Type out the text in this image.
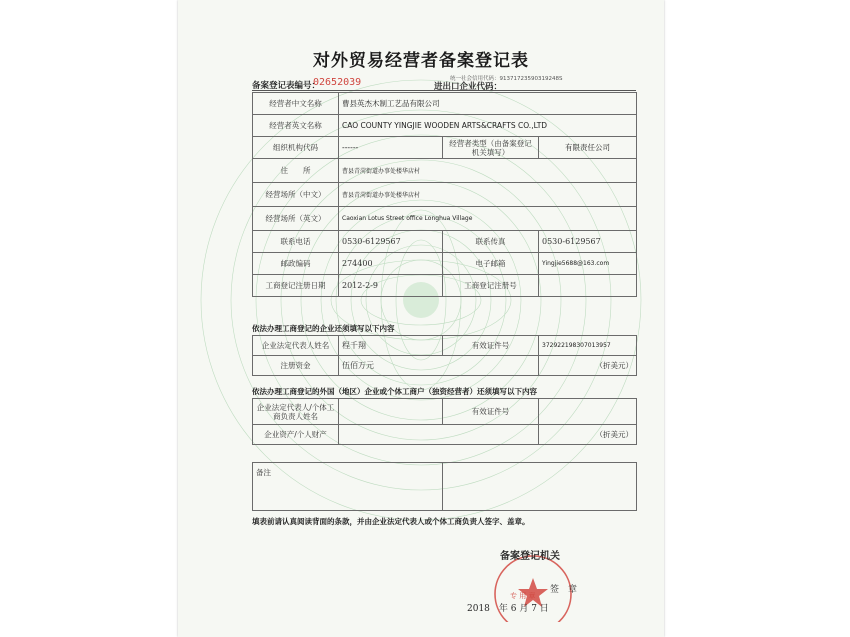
对外贸易经营者备案登记表
备案登记表编号：
02652039	统一社会信用代码：91371723590319248S
进出口企业代码：
经营者中文名称	曹县英杰木制工艺品有限公司		
经营者英文名称	CAO COUNTY YINGJIE WOODEN ARTS&CRAFTS CO.,LTD		
组织机构代码	------	经营者类型（由备案登记机关填写）	有限责任公司
住　　所	曹县青菏街道办事处楼华店村		
经营场所（中文）	曹县青菏街道办事处楼华店村		
经营场所（英文）	Caoxian Lotus Street office Longhua Village		
联系电话	0530-6129567	联系传真	0530-6129567
邮政编码	274400	电子邮箱	Yingjie5688@163.com
工商登记注册日期	2012-2-9	工商登记注册号	
依法办理工商登记的企业还须填写以下内容
企业法定代表人姓名	程千翔	有效证件号	372922198307013957
注册资金	伍佰万元		（折美元）
依法办理工商登记的外国（地区）企业或个体工商户（独资经营者）还须填写以下内容
企业法定代表人/个体工商负责人姓名		有效证件号	
企业资产/个人财产			（折美元）
备注	
填表前请认真阅读背面的条款，并由企业法定代表人或个体工商负责人签字、盖章。
备案登记机关
签　章
专 用 章
2018　年 6 月 7 日
